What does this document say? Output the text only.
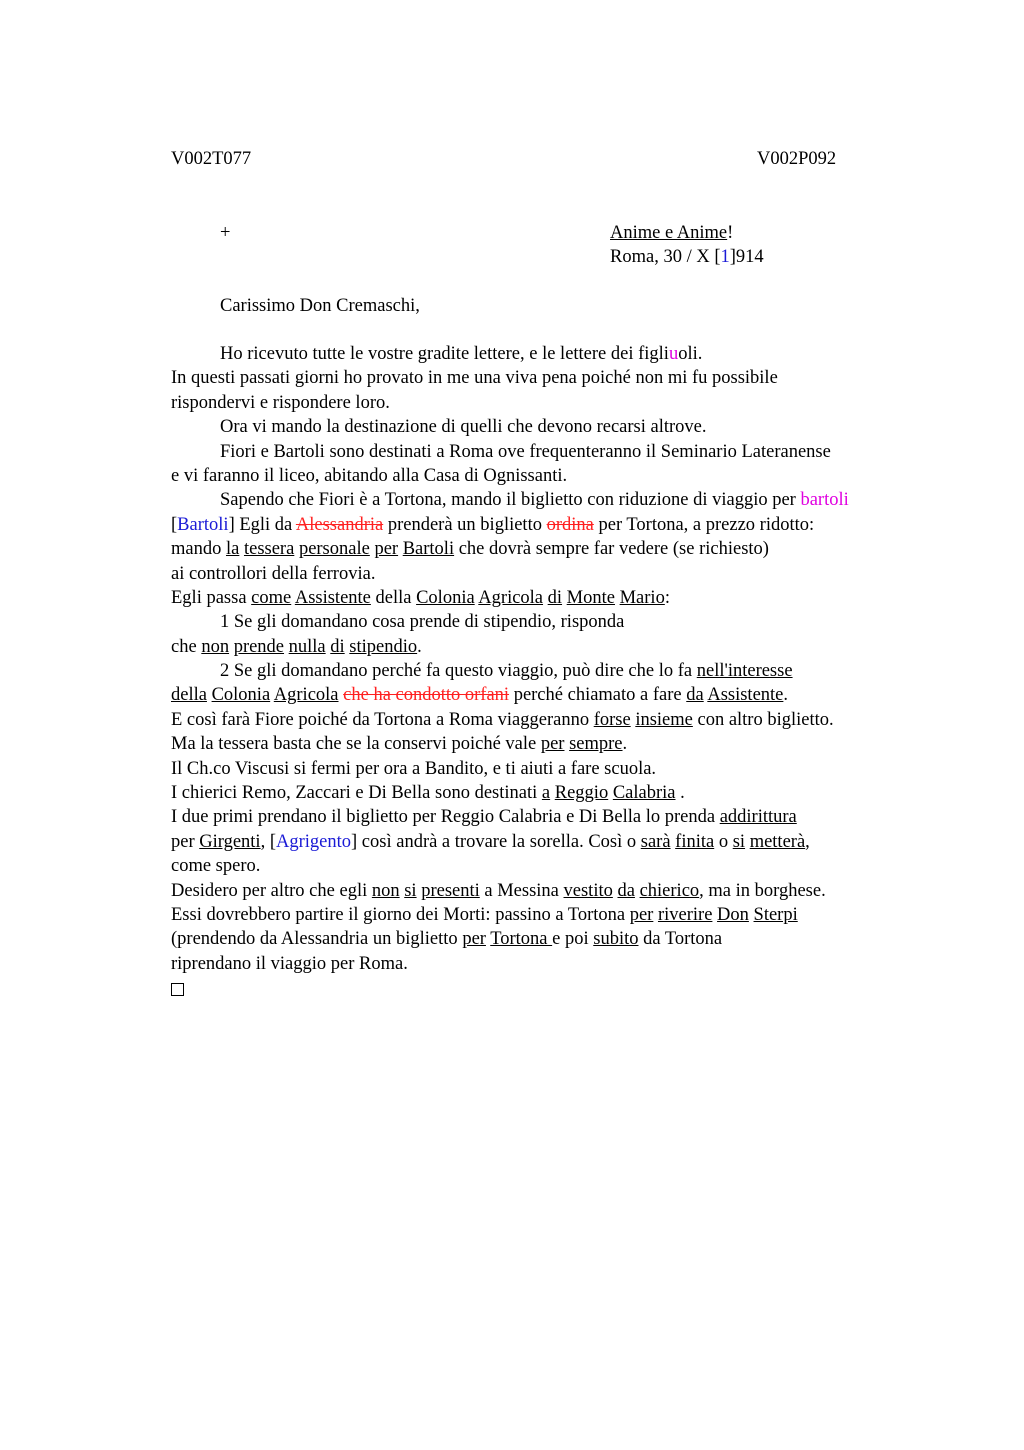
V002T077	V002P092
+	Anime e Anime!
Roma, 30 / X [1]914
Carissimo Don Cremaschi,
Ho ricevuto tutte le vostre gradite lettere, e le lettere dei figliuoli.
In questi passati giorni ho provato in me una viva pena poiché non mi fu possibile
rispondervi e rispondere loro.
Ora vi mando la destinazione di quelli che devono recarsi altrove.
Fiori e Bartoli sono destinati a Roma ove frequenteranno il Seminario Lateranense
e vi faranno il liceo, abitando alla Casa di Ognissanti.
Sapendo che Fiori è a Tortona, mando il biglietto con riduzione di viaggio per bartoli
[Bartoli] Egli da Alessandria prenderà un biglietto ordina per Tortona, a prezzo ridotto:
mando la tessera personale per Bartoli che dovrà sempre far vedere (se richiesto)
ai controllori della ferrovia.
Egli passa come Assistente della Colonia Agricola di Monte Mario:
1 Se gli domandano cosa prende di stipendio, risponda
che non prende nulla di stipendio.
2 Se gli domandano perché fa questo viaggio, può dire che lo fa nell'interesse
della Colonia Agricola che ha condotto orfani perché chiamato a fare da Assistente.
E così farà Fiore poiché da Tortona a Roma viaggeranno forse insieme con altro biglietto.
Ma la tessera basta che se la conservi poiché vale per sempre.
Il Ch.co Viscusi si fermi per ora a Bandito, e ti aiuti a fare scuola.
I chierici Remo, Zaccari e Di Bella sono destinati a Reggio Calabria .
I due primi prendano il biglietto per Reggio Calabria e Di Bella lo prenda addirittura
per Girgenti, [Agrigento] così andrà a trovare la sorella. Così o sarà finita o si metterà,
come spero.
Desidero per altro che egli non si presenti a Messina vestito da chierico, ma in borghese.
Essi dovrebbero partire il giorno dei Morti: passino a Tortona per riverire Don Sterpi
(prendendo da Alessandria un biglietto per Tortona e poi subito da Tortona
riprendano il viaggio per Roma.
